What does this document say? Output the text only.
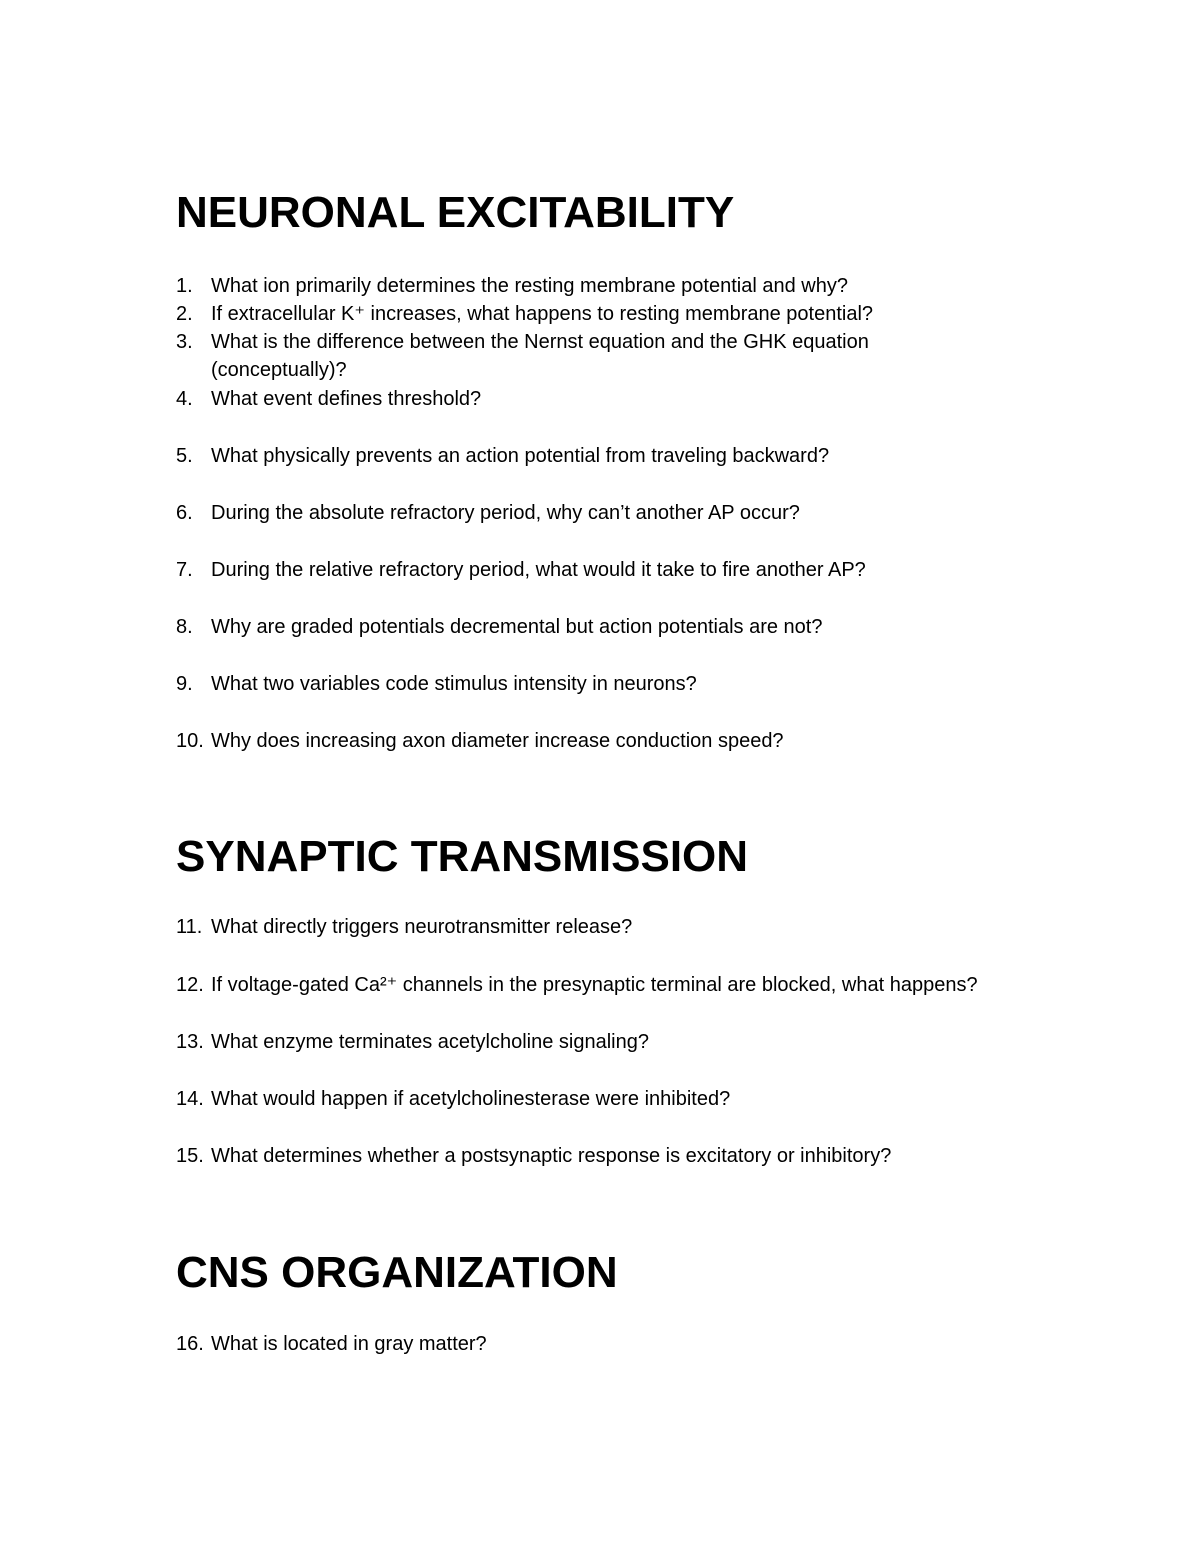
NEURONAL EXCITABILITY
1. What ion primarily determines the resting membrane potential and why?
2. If extracellular K⁺ increases, what happens to resting membrane potential?
3. What is the difference between the Nernst equation and the GHK equation
(conceptually)?
4. What event defines threshold?
5. What physically prevents an action potential from traveling backward?
6. During the absolute refractory period, why can’t another AP occur?
7. During the relative refractory period, what would it take to fire another AP?
8. Why are graded potentials decremental but action potentials are not?
9. What two variables code stimulus intensity in neurons?
10. Why does increasing axon diameter increase conduction speed?
SYNAPTIC TRANSMISSION
11. What directly triggers neurotransmitter release?
12. If voltage-gated Ca²⁺ channels in the presynaptic terminal are blocked, what happens?
13. What enzyme terminates acetylcholine signaling?
14. What would happen if acetylcholinesterase were inhibited?
15. What determines whether a postsynaptic response is excitatory or inhibitory?
CNS ORGANIZATION
16. What is located in gray matter?
